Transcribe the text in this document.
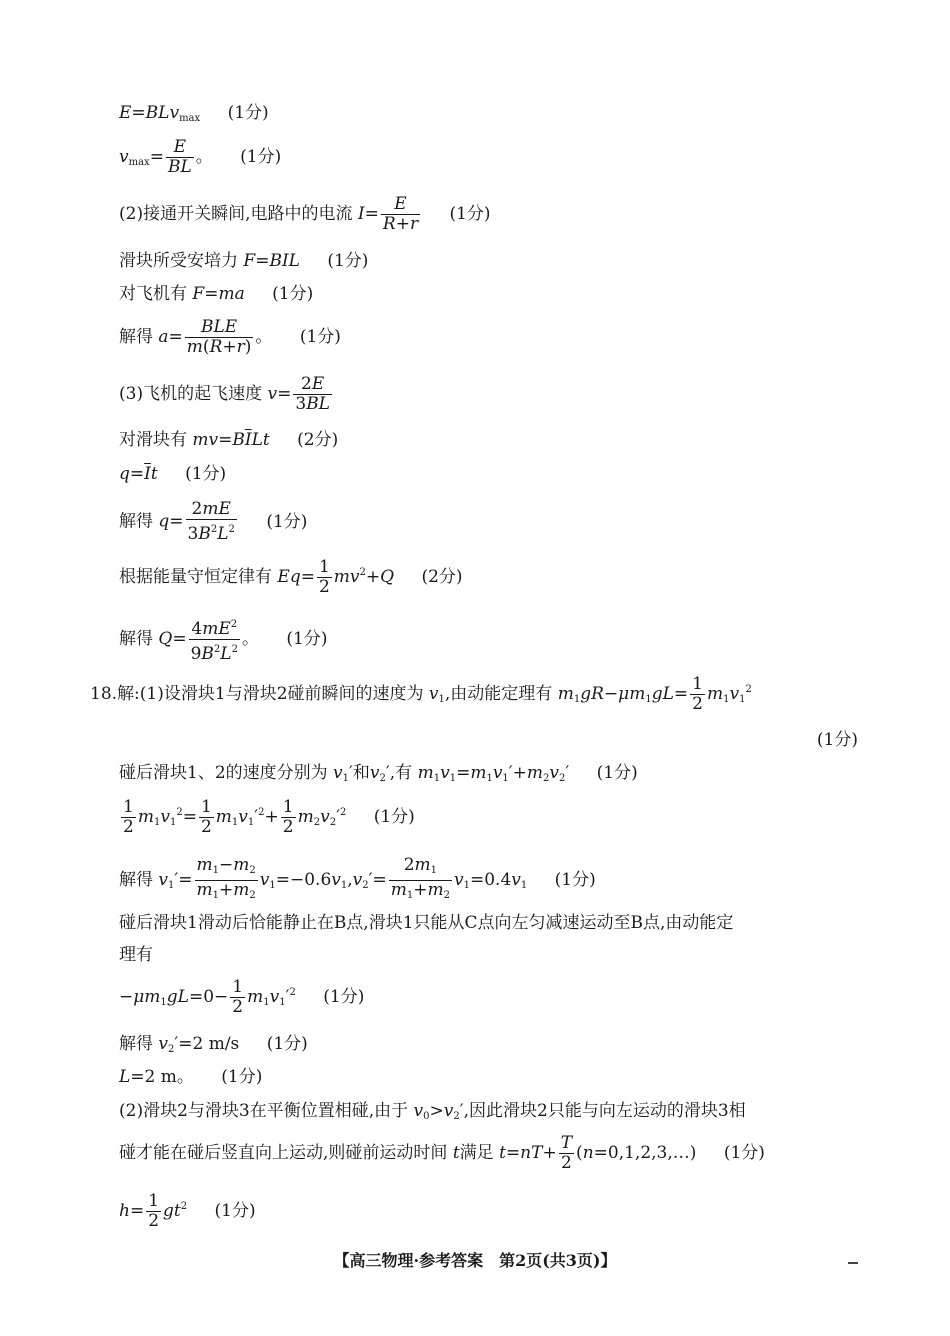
E=BLv$_{max}$ (1分)
$v_{max}= \frac{E}{BL}$ 。 (1分)
(2)接通开关瞬间,电路中的电流 $I= \frac{E}{R+r} (1$分)
滑块所受安培力 F=BIL (1分)
对飞机有 F=ma (1分)
解得 a=	BLE
m(R+r) 。 (1分)
(3)飞机的起飞速度 $v= \frac{2E}{3BL}$
对滑块有 $mv=B\overline{I}Lt$ (2分)
$q=\overline{I}t$ (1分)
解得 $q= \frac{2mE}{3B^2L^2} (1$分)
根据能量守恒定律有 $Eq= \frac{1}{2} mv^2+Q$ (2分)
解得 $Q= \frac{4mE^2}{9B^2L^2}$ 。 (1分)
18.解:(1)设滑块1与滑块2碰前瞬间的速度为 $v_1$,由动能定理有 $m_1gR-\mu m_1gL= \frac{1}{2} m_1v_1^2$
(1分)
碰后滑块1、2的速度分别为 $v_1'$和$v_2'$,有 $m_1v_1=m_1v_1'+m_2v_2'$ (1分)
$\frac{1}{2} m_1v_1^2= \frac{1}{2} m_1v_1'^2+ \frac{1}{2} m_2v_2'^2$ (1分)
解得 $v_1'= \frac{m_1-m_2}{m_1+m_2} v_1=-0.6v_1,v_2'= \frac{2m_1}{m_1+m_2} v_1=0.4v_1$ (1分)
碰后滑块1滑动后恰能静止在B点,滑块1只能从C点向左匀减速运动至B点,由动能定
理有
$-\mu m_1gL=0- \frac{1}{2} m_1v_1'^2$ (1分)
解得 $v_2'=2$ m/s (1分)
L=2 m。 (1分)
(2)滑块2与滑块3在平衡位置相碰,由于 $v_0>v_2'$,因此滑块2只能与向左运动的滑块3相
碰才能在碰后竖直向上运动,则碰前运动时间 t满足 $t=nT+ \frac{T}{2}$ (n=0,1,2,3,…) (1分)
$h= \frac{1}{2} gt^2$ (1分)
【高三物理·参考答案　第2页(共3页)】
